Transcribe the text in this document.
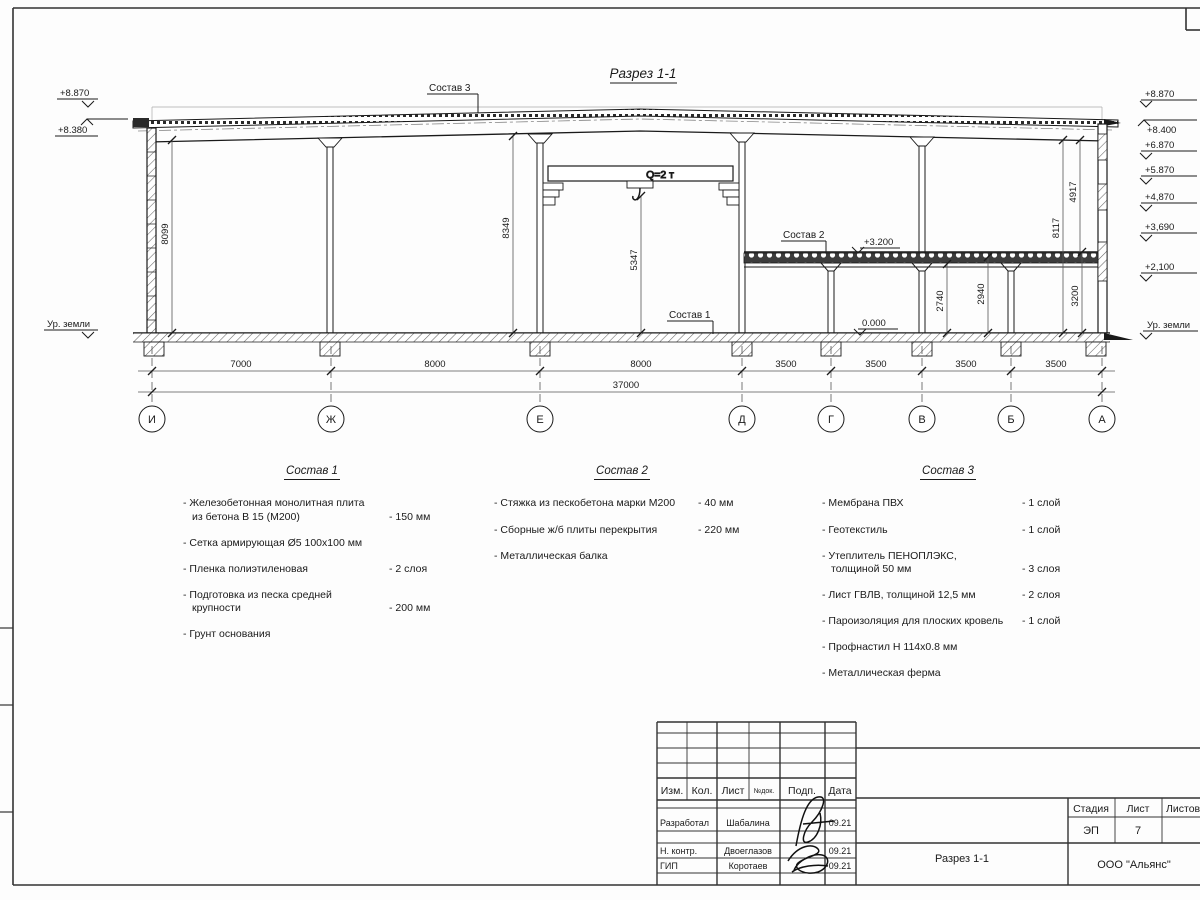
Разрез 1-1
Q=2 т
И	Ж	Е	Д	Г	В	Б	А
7000	8000	8000	3500	3500	3500	3500
37000
8099	8349
5347
2740	2940	3200
8117
4917
+8.870
+8.380
Ур. земли
+8.870
+8.400
+6.870
+5.870
+4,870
+3,690
+2,100
Ур. земли
+3.200
0.000
Состав 3
Состав 2
Состав 1
Изм. Кол. Лист №док. Подп. Дата
Разработал Шабалина	09.21
Н. контр.	Двоеглазов	09.21
ГИП	Коротаев	09.21
Разрез 1-1
Стадия Лист Листов
ЭП	7
ООО "Альянс"
Состав 1
- Железобетонная монолитная плита
из бетона В 15 (М200)	- 150 мм
- Сетка армирующая Ø5 100х100 мм
- Пленка полиэтиленовая	- 2 слоя
- Подготовка из песка средней
крупности	- 200 мм
- Грунт основания
Состав 2
- Стяжка из пескобетона марки М200	- 40 мм
- Сборные ж/б плиты перекрытия	- 220 мм
- Металлическая балка
Состав 3
- Мембрана ПВХ	- 1 слой
- Геотекстиль	- 1 слой
- Утеплитель ПЕНОПЛЭКС,
толщиной 50 мм	- 3 слоя
- Лист ГВЛВ, толщиной 12,5 мм	- 2 слоя
- Пароизоляция для плоских кровель	- 1 слой
- Профнастил Н 114х0.8 мм
- Металлическая ферма
